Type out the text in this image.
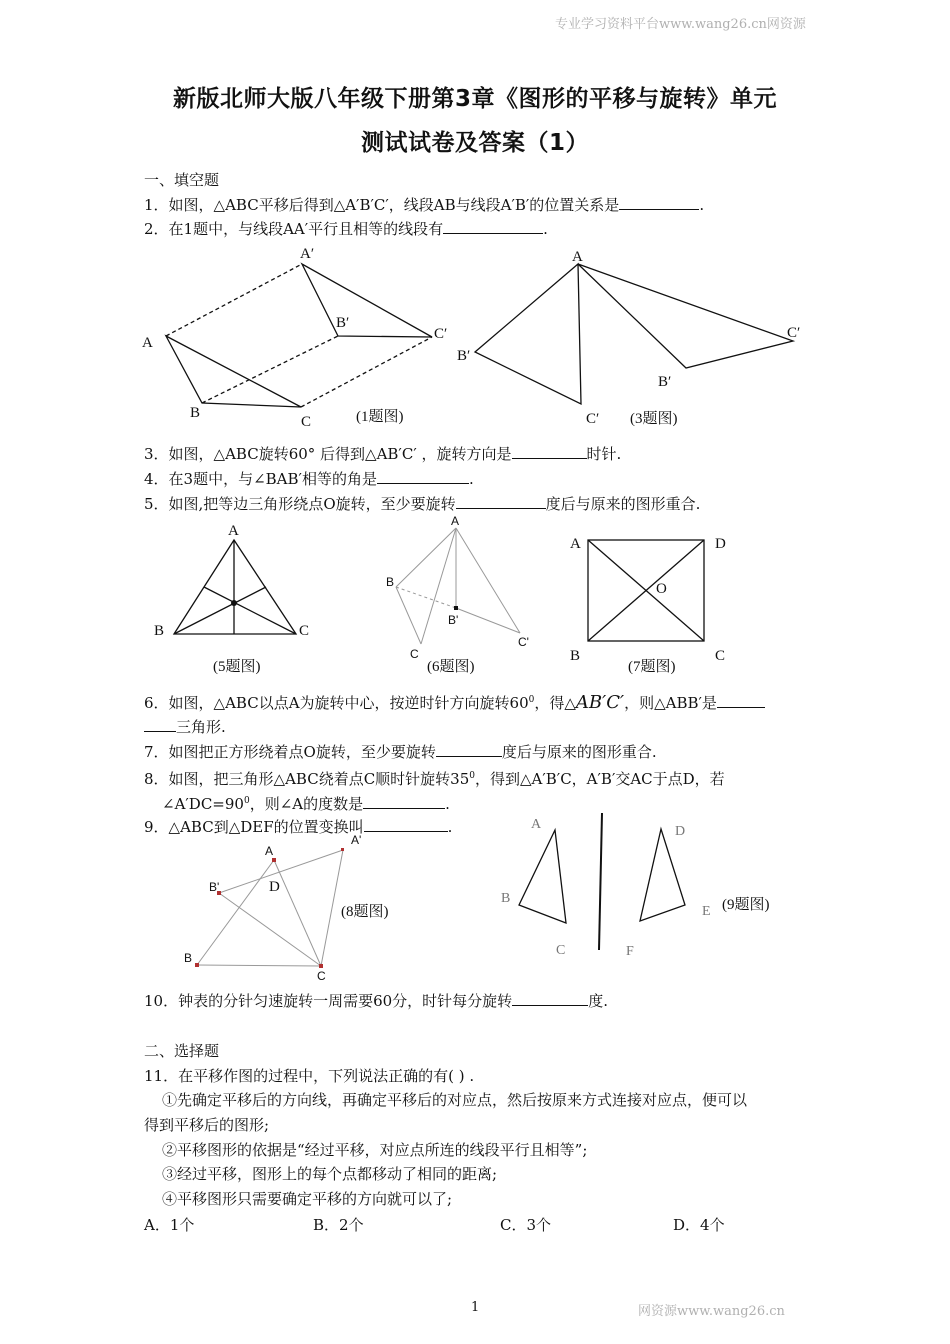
专业学习资料平台www.wang26.cn网资源
新版北师大版八年级下册第3章《图形的平移与旋转》单元
测试试卷及答案（1）
一、填空题
1．如图，△ABC平移后得到△A′B′C′，线段AB与线段A′B′的位置关系是	.
2．在1题中，与线段AA′平行且相等的线段有	.
A
B
C
A′
B′
C′
(1题图)
A
B′
C′
B′
C′
(3题图)
3．如图，△ABC旋转60° 后得到△AB′C′ ，旋转方向是	时针.
4．在3题中，与∠BAB′相等的角是	.
5．如图,把等边三角形绕点O旋转，至少要旋转	度后与原来的图形重合.
A
B	C
(5题图)
A
B
B'
C
C'
(6题图)
A	D
B	C
O
(7题图)
6．如图，△ABC以点A为旋转中心，按逆时针方向旋转$60^0$，得△AB′C′，则△ABB′是
三角形.
7．如图把正方形绕着点O旋转，至少要旋转	度后与原来的图形重合.
8．如图，把三角形△ABC绕着点C顺时针旋转$35^0$，得到△A′B′C，A′B′交AC于点D，若
$\angle A'DC=90^0$，则∠A的度数是	.
9．△ABC到△DEF的位置变换叫	.
A
A'
B'
B
C
D
(8题图)
A
B
C
D
E
F
(9题图)
10．钟表的分针匀速旋转一周需要60分，时针每分旋转	度.
二、选择题
11．在平移作图的过程中，下列说法正确的有( ) .
①先确定平移后的方向线，再确定平移后的对应点，然后按原来方式连接对应点，便可以
得到平移后的图形;
②平移图形的依据是“经过平移，对应点所连的线段平行且相等”;
③经过平移，图形上的每个点都移动了相同的距离;
④平移图形只需要确定平移的方向就可以了;
A．1个	B．2个	C．3个	D．4个
1	网资源www.wang26.cn
